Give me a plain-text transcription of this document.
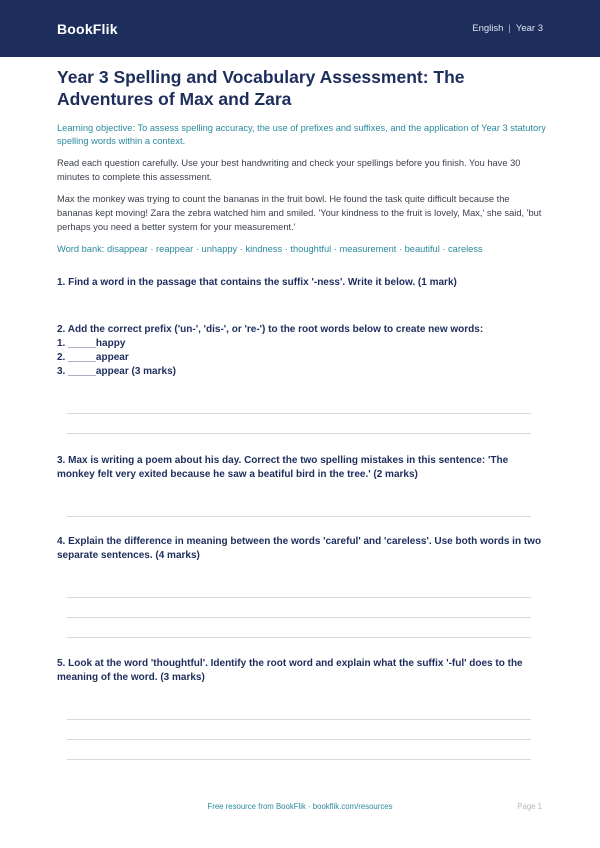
BookFlik	English | Year 3
Year 3 Spelling and Vocabulary Assessment: The Adventures of Max and Zara

Learning objective: To assess spelling accuracy, the use of prefixes and suffixes, and the application of Year 3 statutory spelling words within a context.

Read each question carefully. Use your best handwriting and check your spellings before you finish. You have 30 minutes to complete this assessment.

Max the monkey was trying to count the bananas in the fruit bowl. He found the task quite difficult because the bananas kept moving! Zara the zebra watched him and smiled. 'Your kindness to the fruit is lovely, Max,' she said, 'but perhaps you need a better system for your measurement.'

Word bank: disappear · reappear · unhappy · kindness · thoughtful · measurement · beautiful · careless

1. Find a word in the passage that contains the suffix '-ness'. Write it below. (1 mark)
2. Add the correct prefix ('un-', 'dis-', or 're-') to the root words below to create new words:
1. _____happy
2. _____appear
3. _____appear (3 marks)
3. Max is writing a poem about his day. Correct the two spelling mistakes in this sentence: 'The monkey felt very exited because he saw a beatiful bird in the tree.' (2 marks)
4. Explain the difference in meaning between the words 'careful' and 'careless'. Use both words in two separate sentences. (4 marks)
5. Look at the word 'thoughtful'. Identify the root word and explain what the suffix '-ful' does to the meaning of the word. (3 marks)
Free resource from BookFlik · bookflik.com/resources	Page 1
